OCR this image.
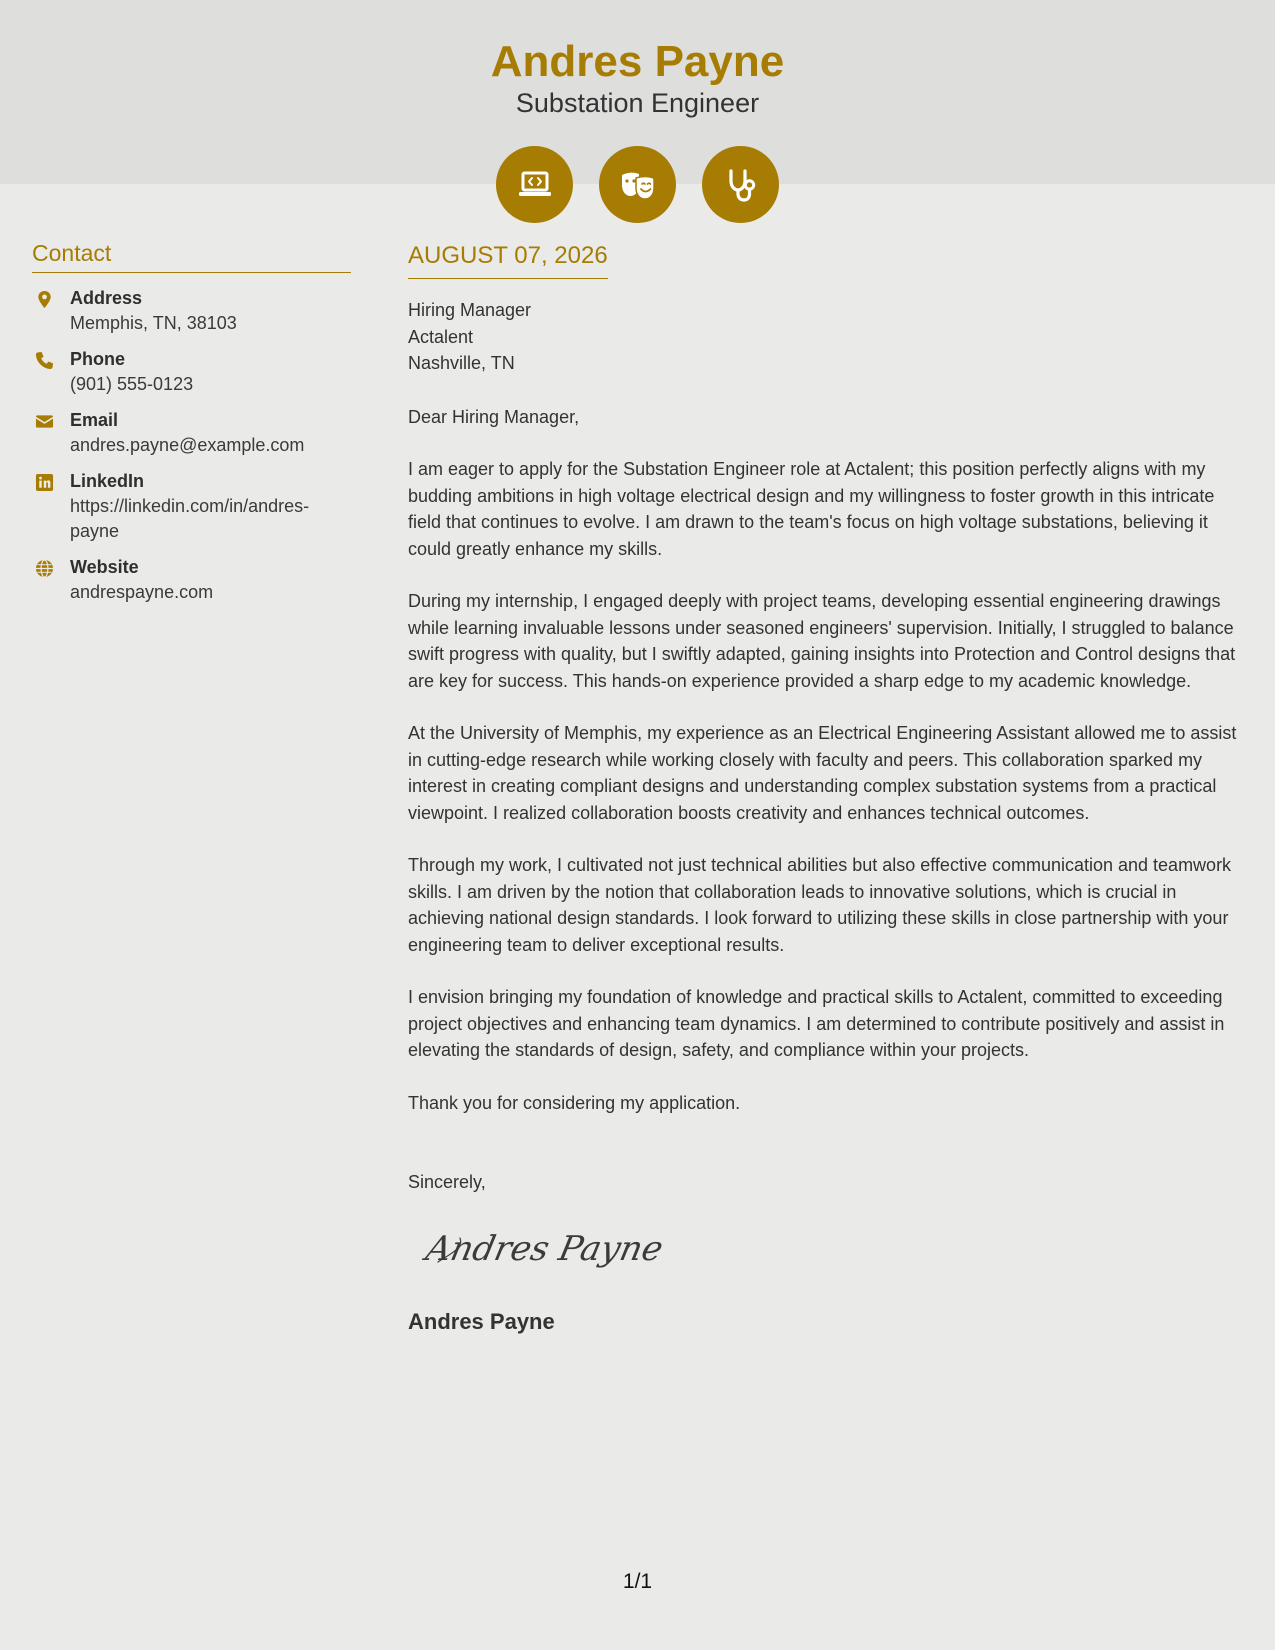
Andres Payne
Substation Engineer
Contact
Address
Memphis, TN, 38103
Phone
(901) 555-0123
Email
andres.payne@example.com
LinkedIn
https://linkedin.com/in/andres-payne
Website
andrespayne.com
AUGUST 07, 2026
Hiring Manager
Actalent
Nashville, TN
Dear Hiring Manager,
I am eager to apply for the Substation Engineer role at Actalent; this position perfectly aligns with my budding ambitions in high voltage electrical design and my willingness to foster growth in this intricate field that continues to evolve. I am drawn to the team's focus on high voltage substations, believing it could greatly enhance my skills.
During my internship, I engaged deeply with project teams, developing essential engineering drawings while learning invaluable lessons under seasoned engineers' supervision. Initially, I struggled to balance swift progress with quality, but I swiftly adapted, gaining insights into Protection and Control designs that are key for success. This hands-on experience provided a sharp edge to my academic knowledge.
At the University of Memphis, my experience as an Electrical Engineering Assistant allowed me to assist in cutting-edge research while working closely with faculty and peers. This collaboration sparked my interest in creating compliant designs and understanding complex substation systems from a practical viewpoint. I realized collaboration boosts creativity and enhances technical outcomes.
Through my work, I cultivated not just technical abilities but also effective communication and teamwork skills. I am driven by the notion that collaboration leads to innovative solutions, which is crucial in achieving national design standards. I look forward to utilizing these skills in close partnership with your engineering team to deliver exceptional results.
I envision bringing my foundation of knowledge and practical skills to Actalent, committed to exceeding project objectives and enhancing team dynamics. I am determined to contribute positively and assist in elevating the standards of design, safety, and compliance within your projects.
Thank you for considering my application.
Sincerely,
Andres Payne
Andres Payne
1/1
